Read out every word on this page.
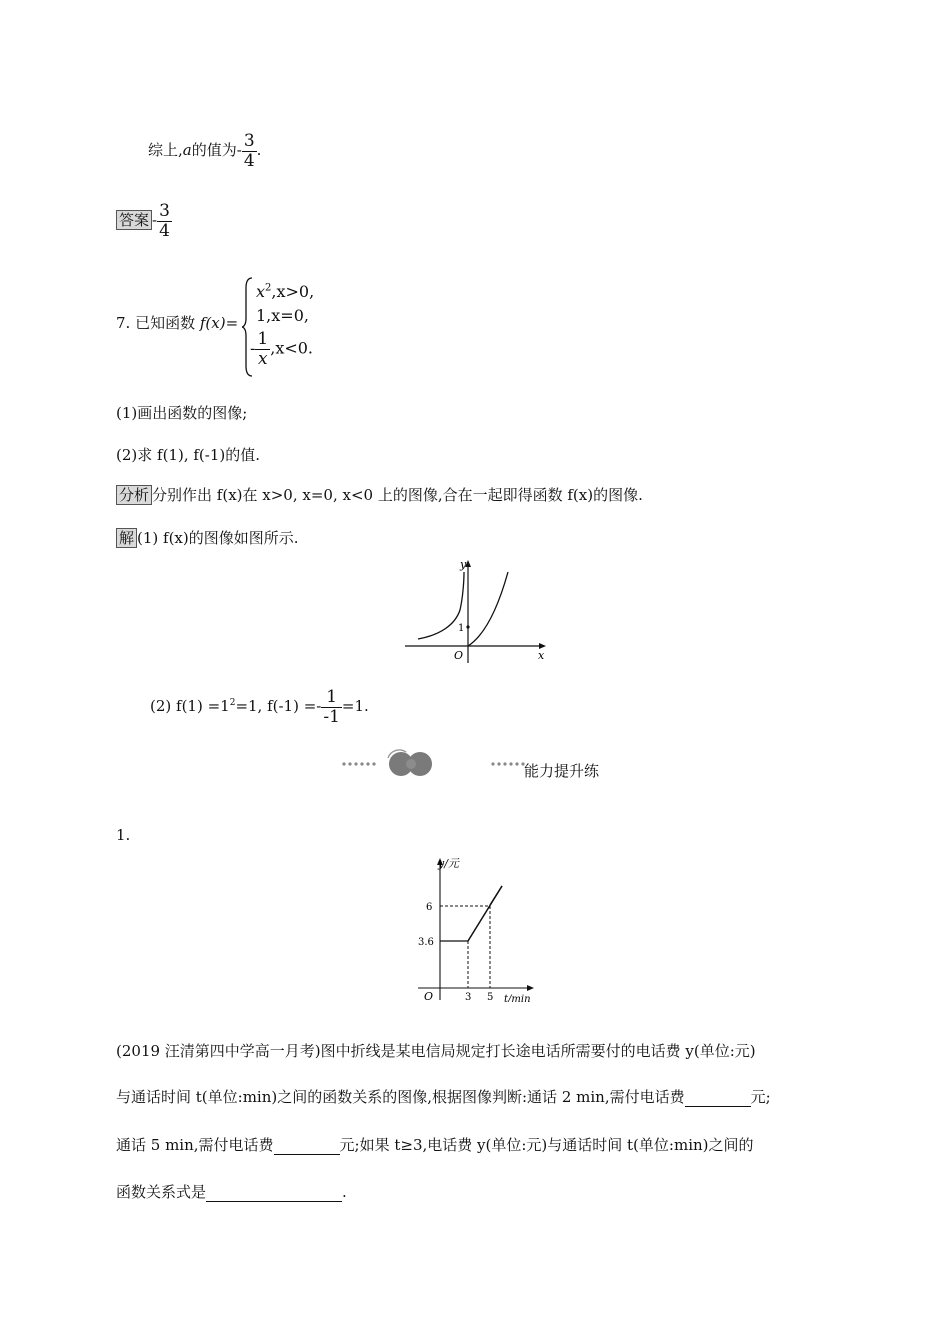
综上,a的值为- $\frac{3}{4}$ .
答案 - $\frac{3}{4}$
7. 已知函数 f(x)=
$x^2,x>0$,
1,x=0,
- $\frac{1}{x} ,x<0$.
(1)画出函数的图像;
(2)求 f(1), f(-1)的值.
分析 分别作出 f(x)在 x>0, x=0, x<0 上的图像,合在一起即得函数 f(x)的图像.
解 (1) f(x)的图像如图所示.
y
x
O
1
(2) $f(1) =1^2=1$, $f(-1) =- \frac{1}{-1} =1$.
能力提升练
1.
y/元
t/min
O
6
3.6
3 5
(2019 汪清第四中学高一月考)图中折线是某电信局规定打长途电话所需要付的电话费 y(单位:元)
与通话时间 t(单位:min)之间的函数关系的图像,根据图像判断:通话 2 min,需付电话费	元;
通话 5 min,需付电话费	元;如果 t≥3,电话费 y(单位:元)与通话时间 t(单位:min)之间的
函数关系式是	.
